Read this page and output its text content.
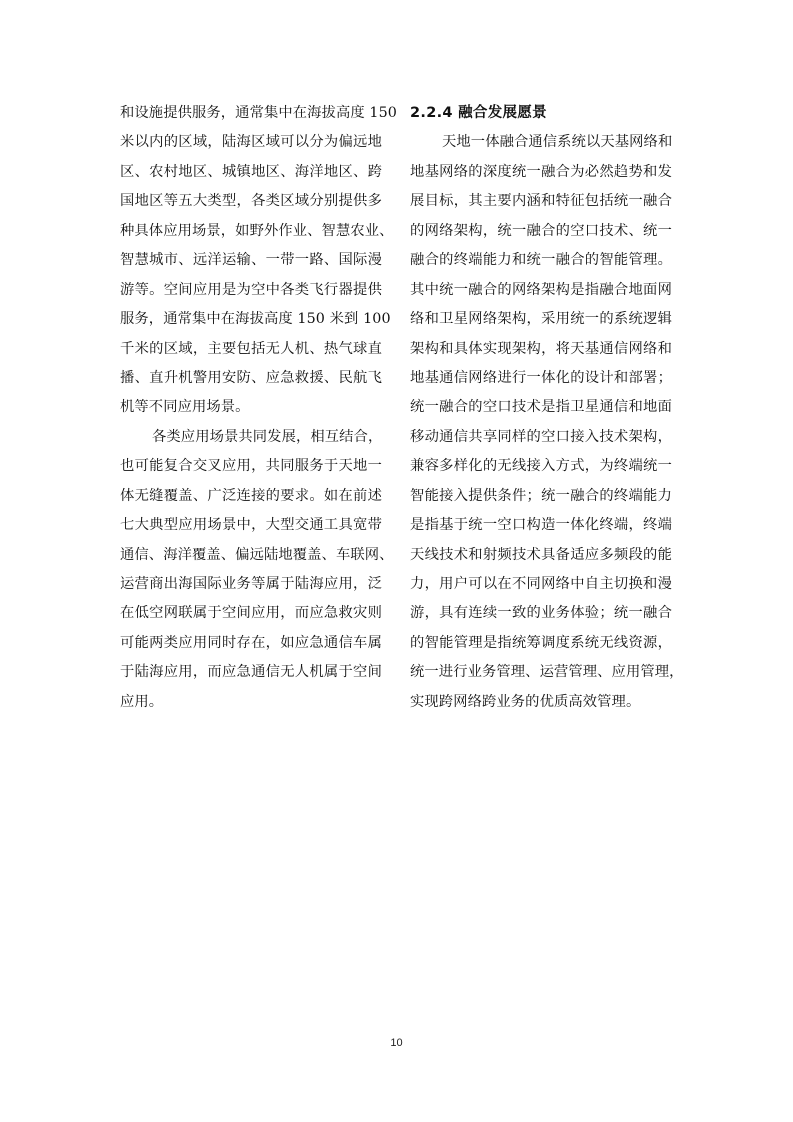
和设施提供服务，通常集中在海拔高度 150
米以内的区域，陆海区域可以分为偏远地
区、农村地区、城镇地区、海洋地区、跨
国地区等五大类型，各类区域分别提供多
种具体应用场景，如野外作业、智慧农业、
智慧城市、远洋运输、一带一路、国际漫
游等。空间应用是为空中各类飞行器提供
服务，通常集中在海拔高度 150 米到 100
千米的区域，主要包括无人机、热气球直
播、直升机警用安防、应急救援、民航飞
机等不同应用场景。
各类应用场景共同发展，相互结合，
也可能复合交叉应用，共同服务于天地一
体无缝覆盖、广泛连接的要求。如在前述
七大典型应用场景中，大型交通工具宽带
通信、海洋覆盖、偏远陆地覆盖、车联网、
运营商出海国际业务等属于陆海应用，泛
在低空网联属于空间应用，而应急救灾则
可能两类应用同时存在，如应急通信车属
于陆海应用，而应急通信无人机属于空间
应用。
2.2.4 融合发展愿景
天地一体融合通信系统以天基网络和
地基网络的深度统一融合为必然趋势和发
展目标，其主要内涵和特征包括统一融合
的网络架构，统一融合的空口技术、统一
融合的终端能力和统一融合的智能管理。
其中统一融合的网络架构是指融合地面网
络和卫星网络架构，采用统一的系统逻辑
架构和具体实现架构，将天基通信网络和
地基通信网络进行一体化的设计和部署；
统一融合的空口技术是指卫星通信和地面
移动通信共享同样的空口接入技术架构，
兼容多样化的无线接入方式，为终端统一
智能接入提供条件；统一融合的终端能力
是指基于统一空口构造一体化终端，终端
天线技术和射频技术具备适应多频段的能
力，用户可以在不同网络中自主切换和漫
游，具有连续一致的业务体验；统一融合
的智能管理是指统筹调度系统无线资源，
统一进行业务管理、运营管理、应用管理，
实现跨网络跨业务的优质高效管理。
10
